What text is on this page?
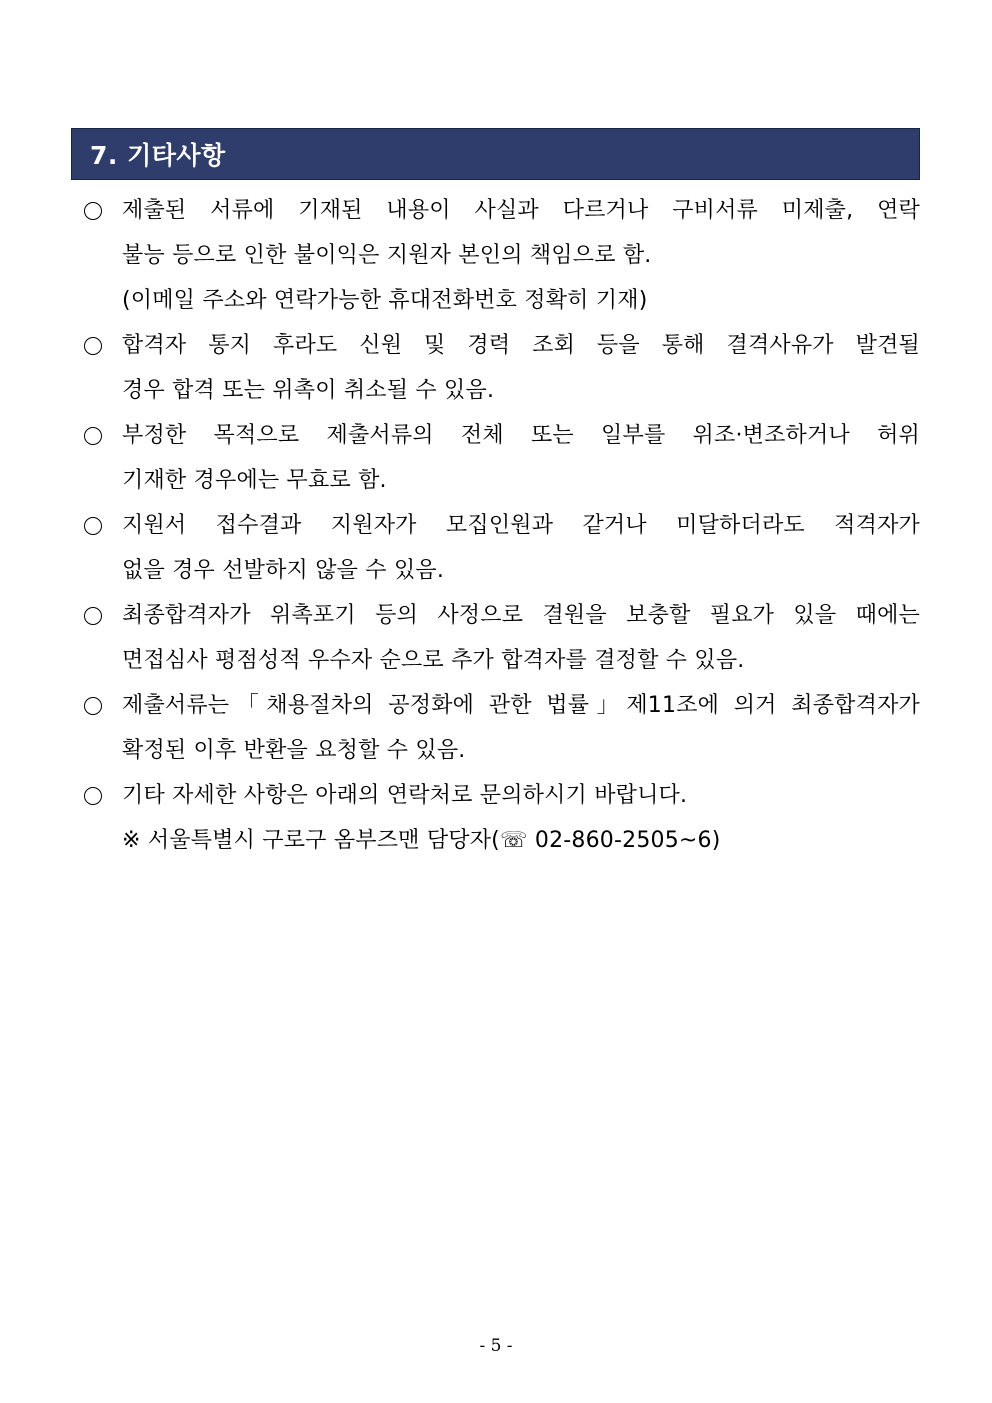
7. 기타사항
제출된 서류에 기재된 내용이 사실과 다르거나 구비서류 미제출, 연락
불능 등으로 인한 불이익은 지원자 본인의 책임으로 함.
(이메일 주소와 연락가능한 휴대전화번호 정확히 기재)
합격자 통지 후라도 신원 및 경력 조회 등을 통해 결격사유가 발견될
경우 합격 또는 위촉이 취소될 수 있음.
부정한 목적으로 제출서류의 전체 또는 일부를 위조·변조하거나 허위
기재한 경우에는 무효로 함.
지원서 접수결과 지원자가 모집인원과 같거나 미달하더라도 적격자가
없을 경우 선발하지 않을 수 있음.
최종합격자가 위촉포기 등의 사정으로 결원을 보충할 필요가 있을 때에는
면접심사 평점성적 우수자 순으로 추가 합격자를 결정할 수 있음.
제출서류는「채용절차의 공정화에 관한 법률」제11조에 의거 최종합격자가
확정된 이후 반환을 요청할 수 있음.
기타 자세한 사항은 아래의 연락처로 문의하시기 바랍니다.
※ 서울특별시 구로구 옴부즈맨 담당자(☏ 02-860-2505~6)
- 5 -
